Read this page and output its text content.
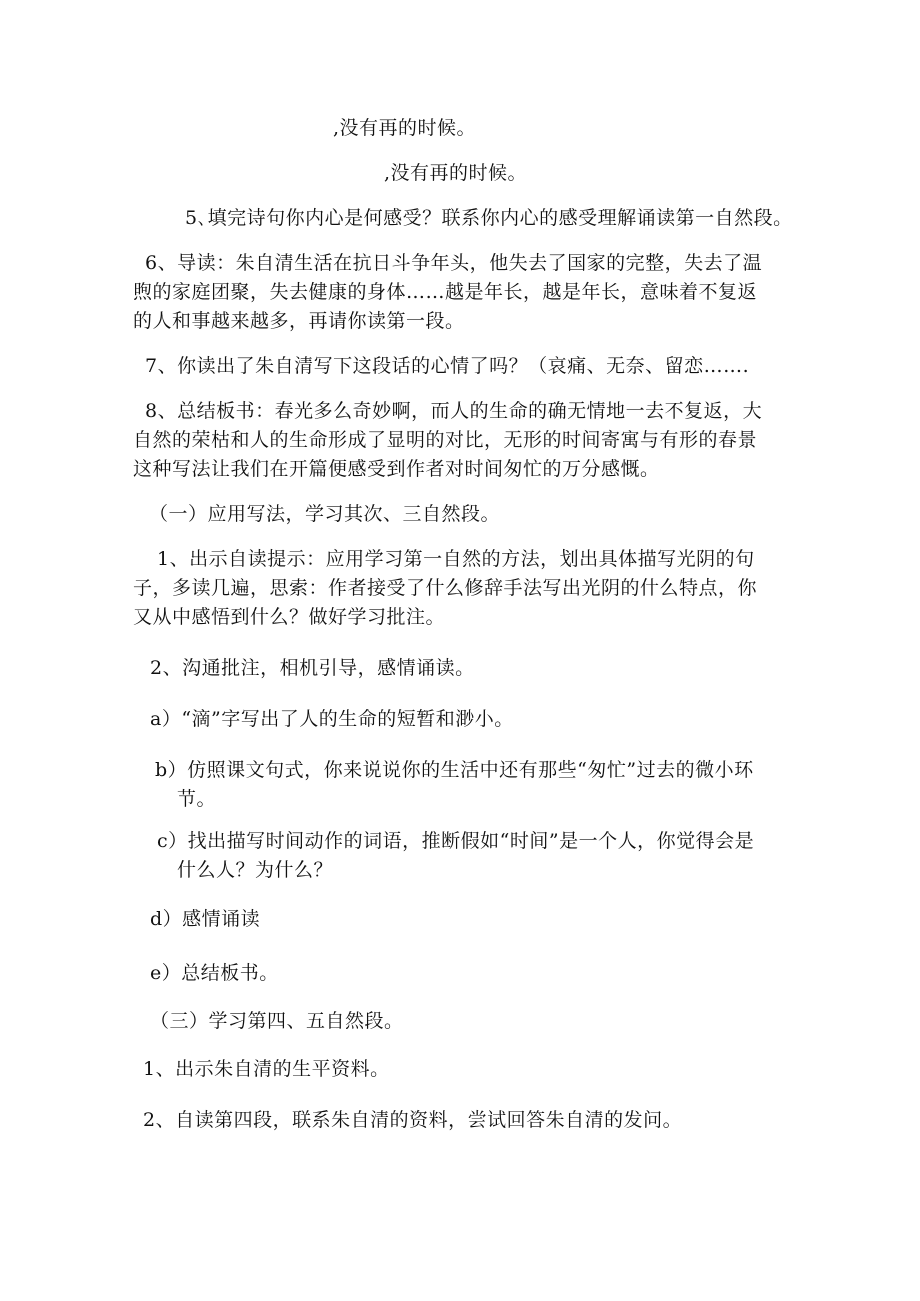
,没有再的时候。

,没有再的时候。

5､填完诗句你内心是何感受？联系你内心的感受理解诵读第一自然段。

6、导读：朱自清生活在抗日斗争年头，他失去了国家的完整，失去了温

煦的家庭团聚，失去健康的身体……越是年长，越是年长，意味着不复返

的人和事越来越多，再请你读第一段。

7、你读出了朱自清写下这段话的心情了吗？（哀痛、无奈、留恋…….

8、总结板书：春光多么奇妙啊，而人的生命的确无情地一去不复返，大

自然的荣枯和人的生命形成了显明的对比，无形的时间寄寓与有形的春景

这种写法让我们在开篇便感受到作者对时间匆忙的万分感慨。

（一）应用写法，学习其次、三自然段。

1、出示自读提示：应用学习第一自然的方法，划出具体描写光阴的句

子，多读几遍，思索：作者接受了什么修辞手法写出光阴的什么特点，你

又从中感悟到什么？做好学习批注。

2、沟通批注，相机引导，感情诵读。

a）“滴”字写出了人的生命的短暂和渺小。

b）仿照课文句式，你来说说你的生活中还有那些“匆忙”过去的微小环

节。

c）找出描写时间动作的词语，推断假如“时间”是一个人，你觉得会是

什么人？为什么？

d）感情诵读

e）总结板书。

（三）学习第四、五自然段。

1、出示朱自清的生平资料。

2、自读第四段，联系朱自清的资料，尝试回答朱自清的发问。
